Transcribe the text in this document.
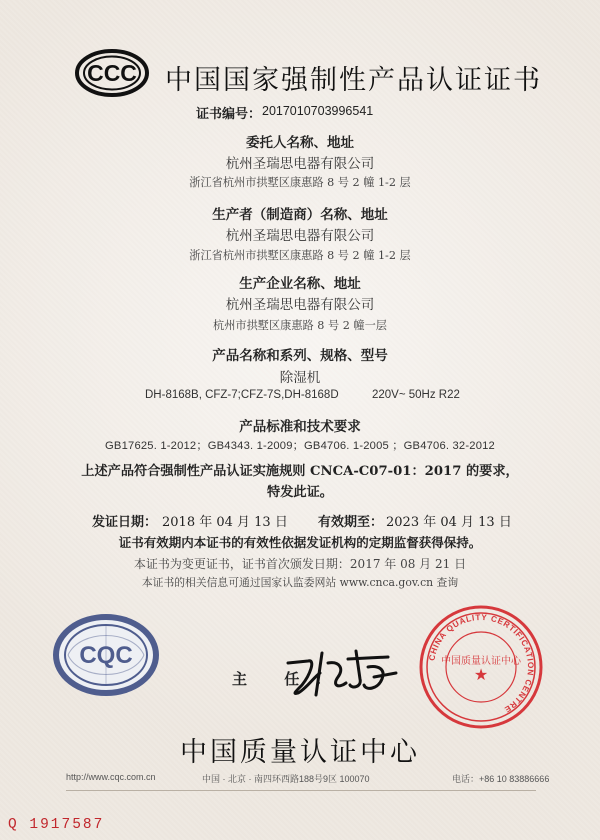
CCC 中国国家强制性产品认证证书
证书编号： 2017010703996541
委托人名称、地址
杭州圣瑞思电器有限公司
浙江省杭州市拱墅区康惠路 8 号 2 幢 1-2 层
生产者（制造商）名称、地址
杭州圣瑞思电器有限公司
浙江省杭州市拱墅区康惠路 8 号 2 幢 1-2 层
生产企业名称、地址
杭州圣瑞思电器有限公司
杭州市拱墅区康惠路 8 号 2 幢一层
产品名称和系列、规格、型号
除湿机
DH-8168B, CFZ-7;CFZ-7S,DH-8168D	220V~ 50Hz R22
产品标准和技术要求
GB17625. 1-2012；GB4343. 1-2009；GB4706. 1-2005 ；GB4706. 32-2012
上述产品符合强制性产品认证实施规则 CNCA-C07-01：2017 的要求，
特发此证。
发证日期： 2018 年 04 月 13 日 有效期至： 2023 年 04 月 13 日
证书有效期内本证书的有效性依据发证机构的定期监督获得保持。
本证书为变更证书，证书首次颁发日期：2017 年 08 月 21 日
本证书的相关信息可通过国家认监委网站 www.cnca.gov.cn 查询
CQC
主 任：
CHINA QUALITY CERTIFICATION CENTRE
中国质量认证中心
★
中国质量认证中心
http://www.cqc.com.cn	中国 · 北京 · 南四环西路188号9区 100070	电话：+86 10 83886666
Q 1917587
